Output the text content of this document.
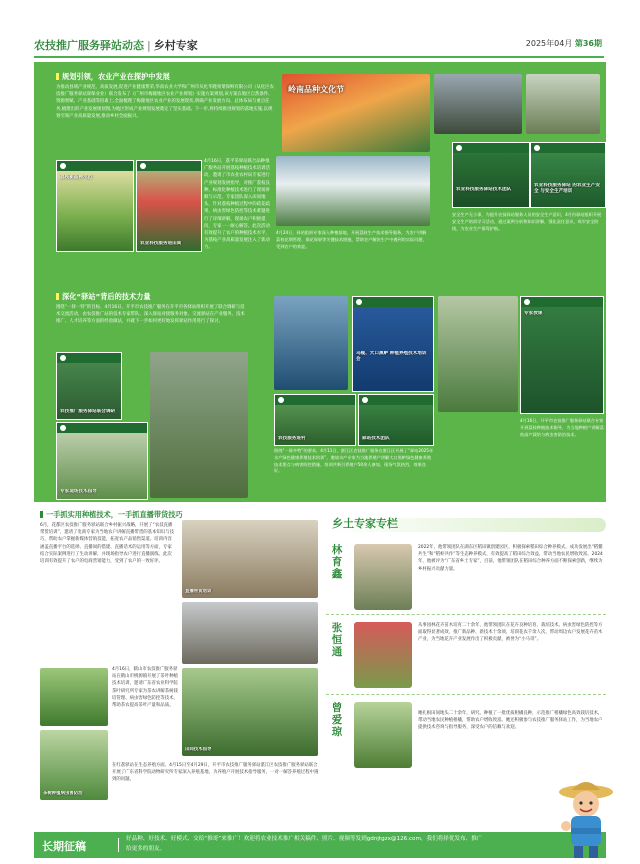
农技推广服务驿站动态 | 乡村专家	2025年04月 第36期
规划引领，农业产业在探护中发展
为推动县域产业规范、高质发展,促进产业健康繁荣,华南农业大学和广州市从化华隆果菜保鲜有限公司（从化区农技推广服务驿站驿保业业）联合发布了《广州市梅隆地区农业产业规划》实施方案规划,该方案在地区自然条件、资源禀赋、产业基础等因素上,全面梳理了梅隆地区农业产业的发展现状,明确产业发展方向、总体布局与重点任务,梳理出的产业发展规划图,为地区形成产业规划发展奠定了坚实基础。下一步,将持续推进规划的落地实施,以规划引领产业高质量发展,推动乡村全面振兴。
岭南品种文化节
荔枝新品种示范
农业科技服务进田间
4月16日，荔平茶驿站联合品种推广服务站开展荔枝种植技术培训活动，邀请了市农业农村局专家进行产业规划发展指导，对推广荔枝良种、标准化种植技术进行了现场讲解与示范，专家团队深入田间地头，针对荔枝种植过程中的疏花疏果、病虫害绿色防控等技术难题进行了详细讲解，现场农户积极提问，专家一一耐心解答。此次活动有效提升了农户的种植技术水平，为荔枝产业高质量发展注入了新动力。
4月24日，驿站组织专家深入种植基地，开展荔枝生产技术指导服务，为农户讲解荔枝花期管理、保花保果等关键技术措施，帮助农户解决生产中遇到的实际问题，受到农户的欢迎。
农业科技服务驿站技术团队
农业科技服务驿站 的农业生产安全 与安全生产培训
安全生产无小事，为提升农技驿站服务人员的安全生产意识，4月份驿站组织开展安全生产培训学习活动，通过案例分析和知识讲解，强化责任意识，筑牢安全防线，为农业生产保驾护航。
深化“驿站”背后的技术力量
围绕“一驿一特”的目标，4月16日，开平市农技推广服务在开平市各驿站组织开展了联合调研与技术交流活动，由农技推广站的技术专家带队，深入驿站对接服务对象，交流驿站在产业服务、技术推广、人才培养等方面的经验做法，并就下一步如何更好地发挥驿站作用进行了探讨。
农技推广服务驿站联合调研
专家现场技术指导
乌榄、大口黑鲈 种植养殖技术培训会
农技服务进村	驿站技术团队
围绕“一驿多特”的要求，4月11日，湛江区农技推广服务在湛江区开展了“驿站2025年水产绿色健康养殖技术培训”，邀请水产专家为当地养殖户讲解大口黑鲈绿色健康养殖技术要点与病害防控措施，培训共吸引养殖户50余人参加，现场气氛热烈，效果良好。
专家授课
4月16日，开平市农技推广服务驿站联合专家开展荔枝种植技术指导，为当地种植户讲解荔枝高产栽培与病虫害防治技术。
一手抓实用种植技术，一手抓直播带货技巧
6月，花都区农技推广服务驿站联合乡村振兴战略，开展了“农技直播带货培训”，邀请了电商专家为当地农户讲解直播带货的基本知识与技巧，帮助农户掌握新媒体营销技能，拓宽农产品销售渠道。培训内容涵盖直播平台的选择、直播间的搭建、直播话术的运用等方面，专家结合实际案例进行了生动讲解，并现场指导农户进行直播演练。此次培训有效提升了农户的电商营销能力，受到了农户的一致好评。
直播带货培训
4月16日，鹤山市农技推广服务驿站在鹤山市桃源镇开展了茶叶种植技术培训，邀请广东省农业科学院茶叶研究所专家为茶农讲解茶树栽培管理、病虫害绿色防控等技术，帮助茶农提高茶叶产量和品质。
茶树种植病虫害防治
田间技术指导
在红荔驿站在生态养殖方面，4月15日至4月29日，开平市农技推广服务驿站湛江区农技推广服务驿站联合开展了广东省科学院动物研究所专家深入养殖基地，为养殖户开展技术指导服务，一对一解答养殖过程中遇到的问题。
乡土专家专栏
林育鑫
2022年，他带领团队在湖东区稻田镇创建园区，积极探索稻田综合种养模式，成功发展出“稻鳖共生”和“稻虾共作”等生态种养模式，有效提高了稻田综合效益，带动当地农民增收致富。2024年，他被评为“广东省乡土专家”，目前，他带领团队在稻田综合种养方面不断探索创新，继续为乡村振兴贡献力量。
张恒通
从事园林花卉苗木培育二十余年，他带领团队在花卉良种培育、栽培技术、病虫害绿色防控等方面取得显著成效，推广新品种、新技术十余项，培训花农千余人次，带动周边农户发展花卉苗木产业，为当地花卉产业发展作出了积极贡献，被誉为“小马哥”。
曾爱琼
她扎根田间地头二十余年，研究、种植了一批优质柑橘良种，示范推广柑橘绿色高效栽培技术，带动当地农民种植柑橘，帮助农户增收致富。她还积极参与农技推广服务驿站工作，为当地农户提供技术咨询与指导服务，深受农户的信赖与欢迎。
长期征稿
好品种、好技术、好模式、交给“推哥”来推广！欢迎将农业技术推广相关稿件、照片、视频等发到gdnjtgzx@126.com，我们将择优发布、推广给更多的朋友。
